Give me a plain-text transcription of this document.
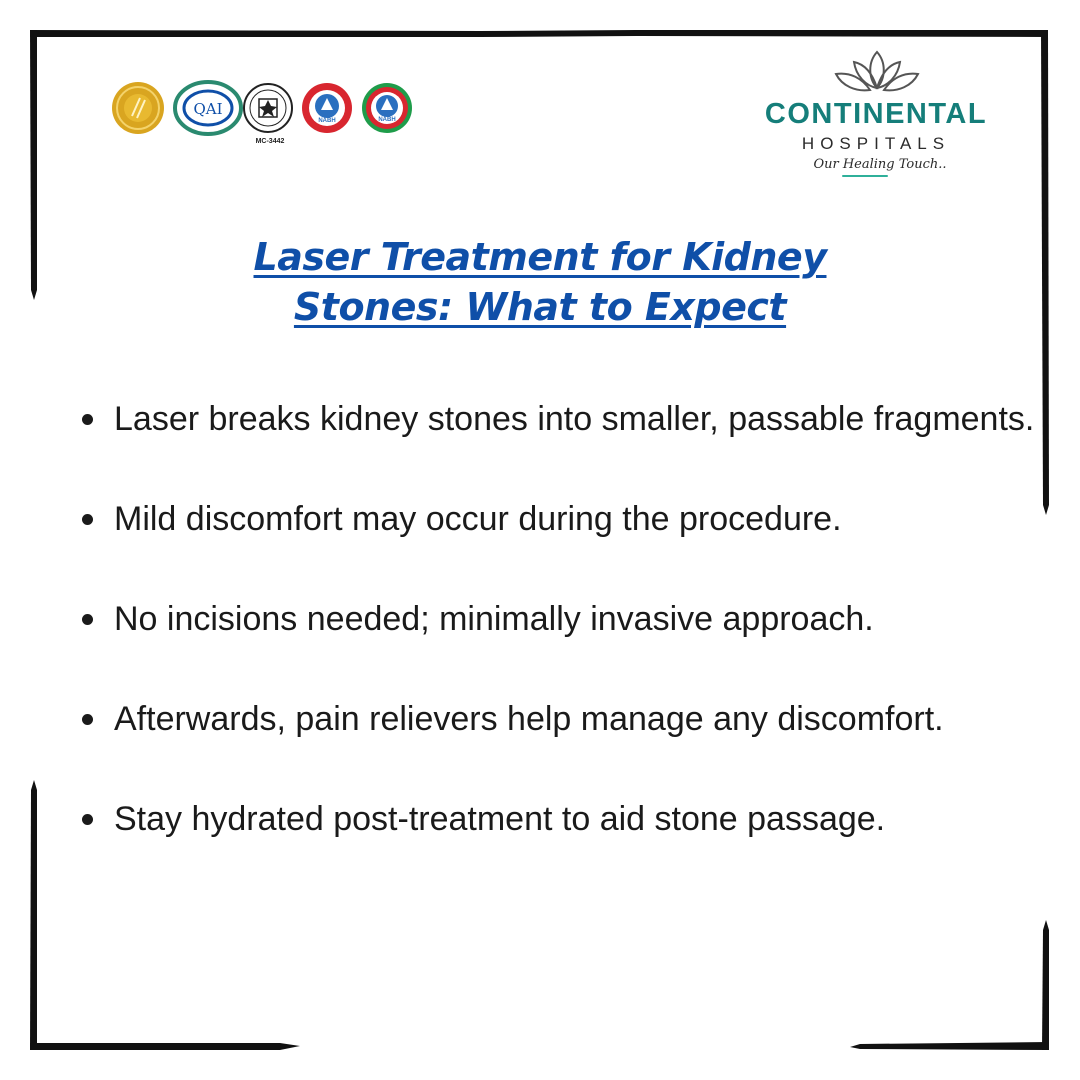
QAI
NABH	NABH
MC-3442
CONTINENTAL
HOSPITALS
Our Healing Touch..
Laser Treatment for Kidney
Stones: What to Expect
Laser breaks kidney stones into smaller, passable fragments.
Mild discomfort may occur during the procedure.
No incisions needed; minimally invasive approach.
Afterwards, pain relievers help manage any discomfort.
Stay hydrated post-treatment to aid stone passage.
